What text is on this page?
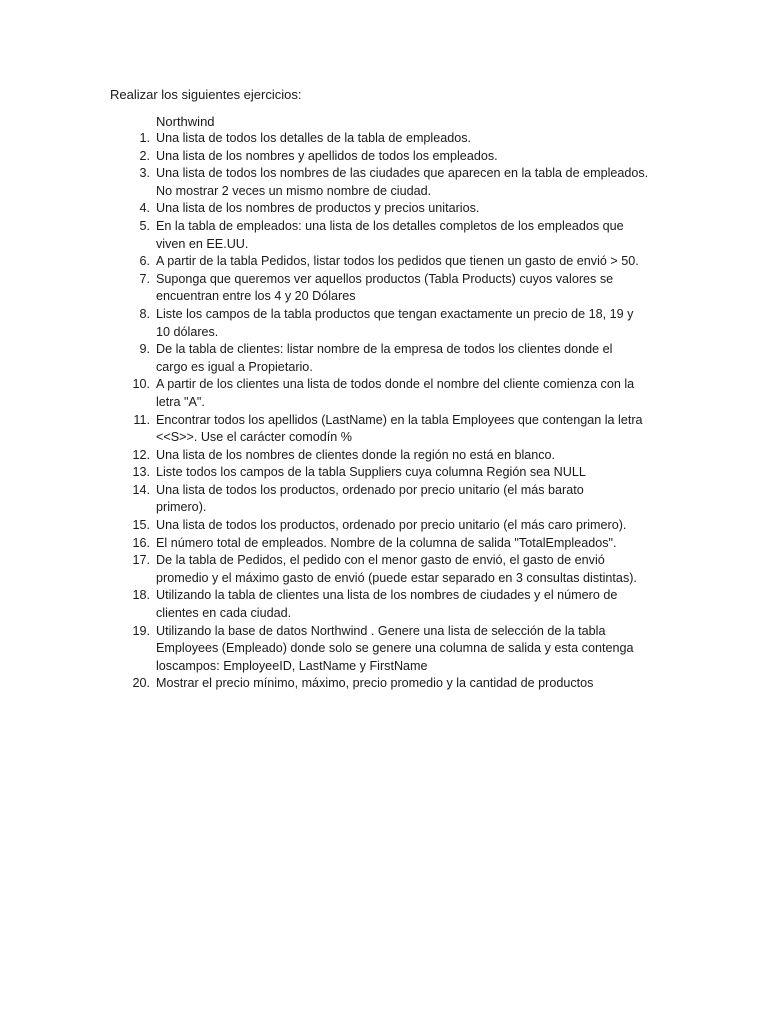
Realizar los siguientes ejercicios:
Northwind
1. Una lista de todos los detalles de la tabla de empleados.
2. Una lista de los nombres y apellidos de todos los empleados.
3. Una lista de todos los nombres de las ciudades que aparecen en la tabla de empleados.
No mostrar 2 veces un mismo nombre de ciudad.
4. Una lista de los nombres de productos y precios unitarios.
5. En la tabla de empleados: una lista de los detalles completos de los empleados que
viven en EE.UU.
6. A partir de la tabla Pedidos, listar todos los pedidos que tienen un gasto de envió > 50.
7. Suponga que queremos ver aquellos productos (Tabla Products) cuyos valores se
encuentran entre los 4 y 20 Dólares
8. Liste los campos de la tabla productos que tengan exactamente un precio de 18, 19 y
10 dólares.
9. De la tabla de clientes: listar nombre de la empresa de todos los clientes donde el
cargo es igual a Propietario.
10. A partir de los clientes una lista de todos donde el nombre del cliente comienza con la
letra "A".
11. Encontrar todos los apellidos (LastName) en la tabla Employees que contengan la letra
<<S>>. Use el carácter comodín %
12. Una lista de los nombres de clientes donde la región no está en blanco.
13. Liste todos los campos de la tabla Suppliers cuya columna Región sea NULL
14. Una lista de todos los productos, ordenado por precio unitario (el más barato
primero).
15. Una lista de todos los productos, ordenado por precio unitario (el más caro primero).
16. El número total de empleados. Nombre de la columna de salida "TotalEmpleados".
17. De la tabla de Pedidos, el pedido con el menor gasto de envió, el gasto de envió
promedio y el máximo gasto de envió (puede estar separado en 3 consultas distintas).
18. Utilizando la tabla de clientes una lista de los nombres de ciudades y el número de
clientes en cada ciudad.
19. Utilizando la base de datos Northwind . Genere una lista de selección de la tabla
Employees (Empleado) donde solo se genere una columna de salida y esta contenga
loscampos: EmployeeID, LastName y FirstName
20. Mostrar el precio mínimo, máximo, precio promedio y la cantidad de productos
